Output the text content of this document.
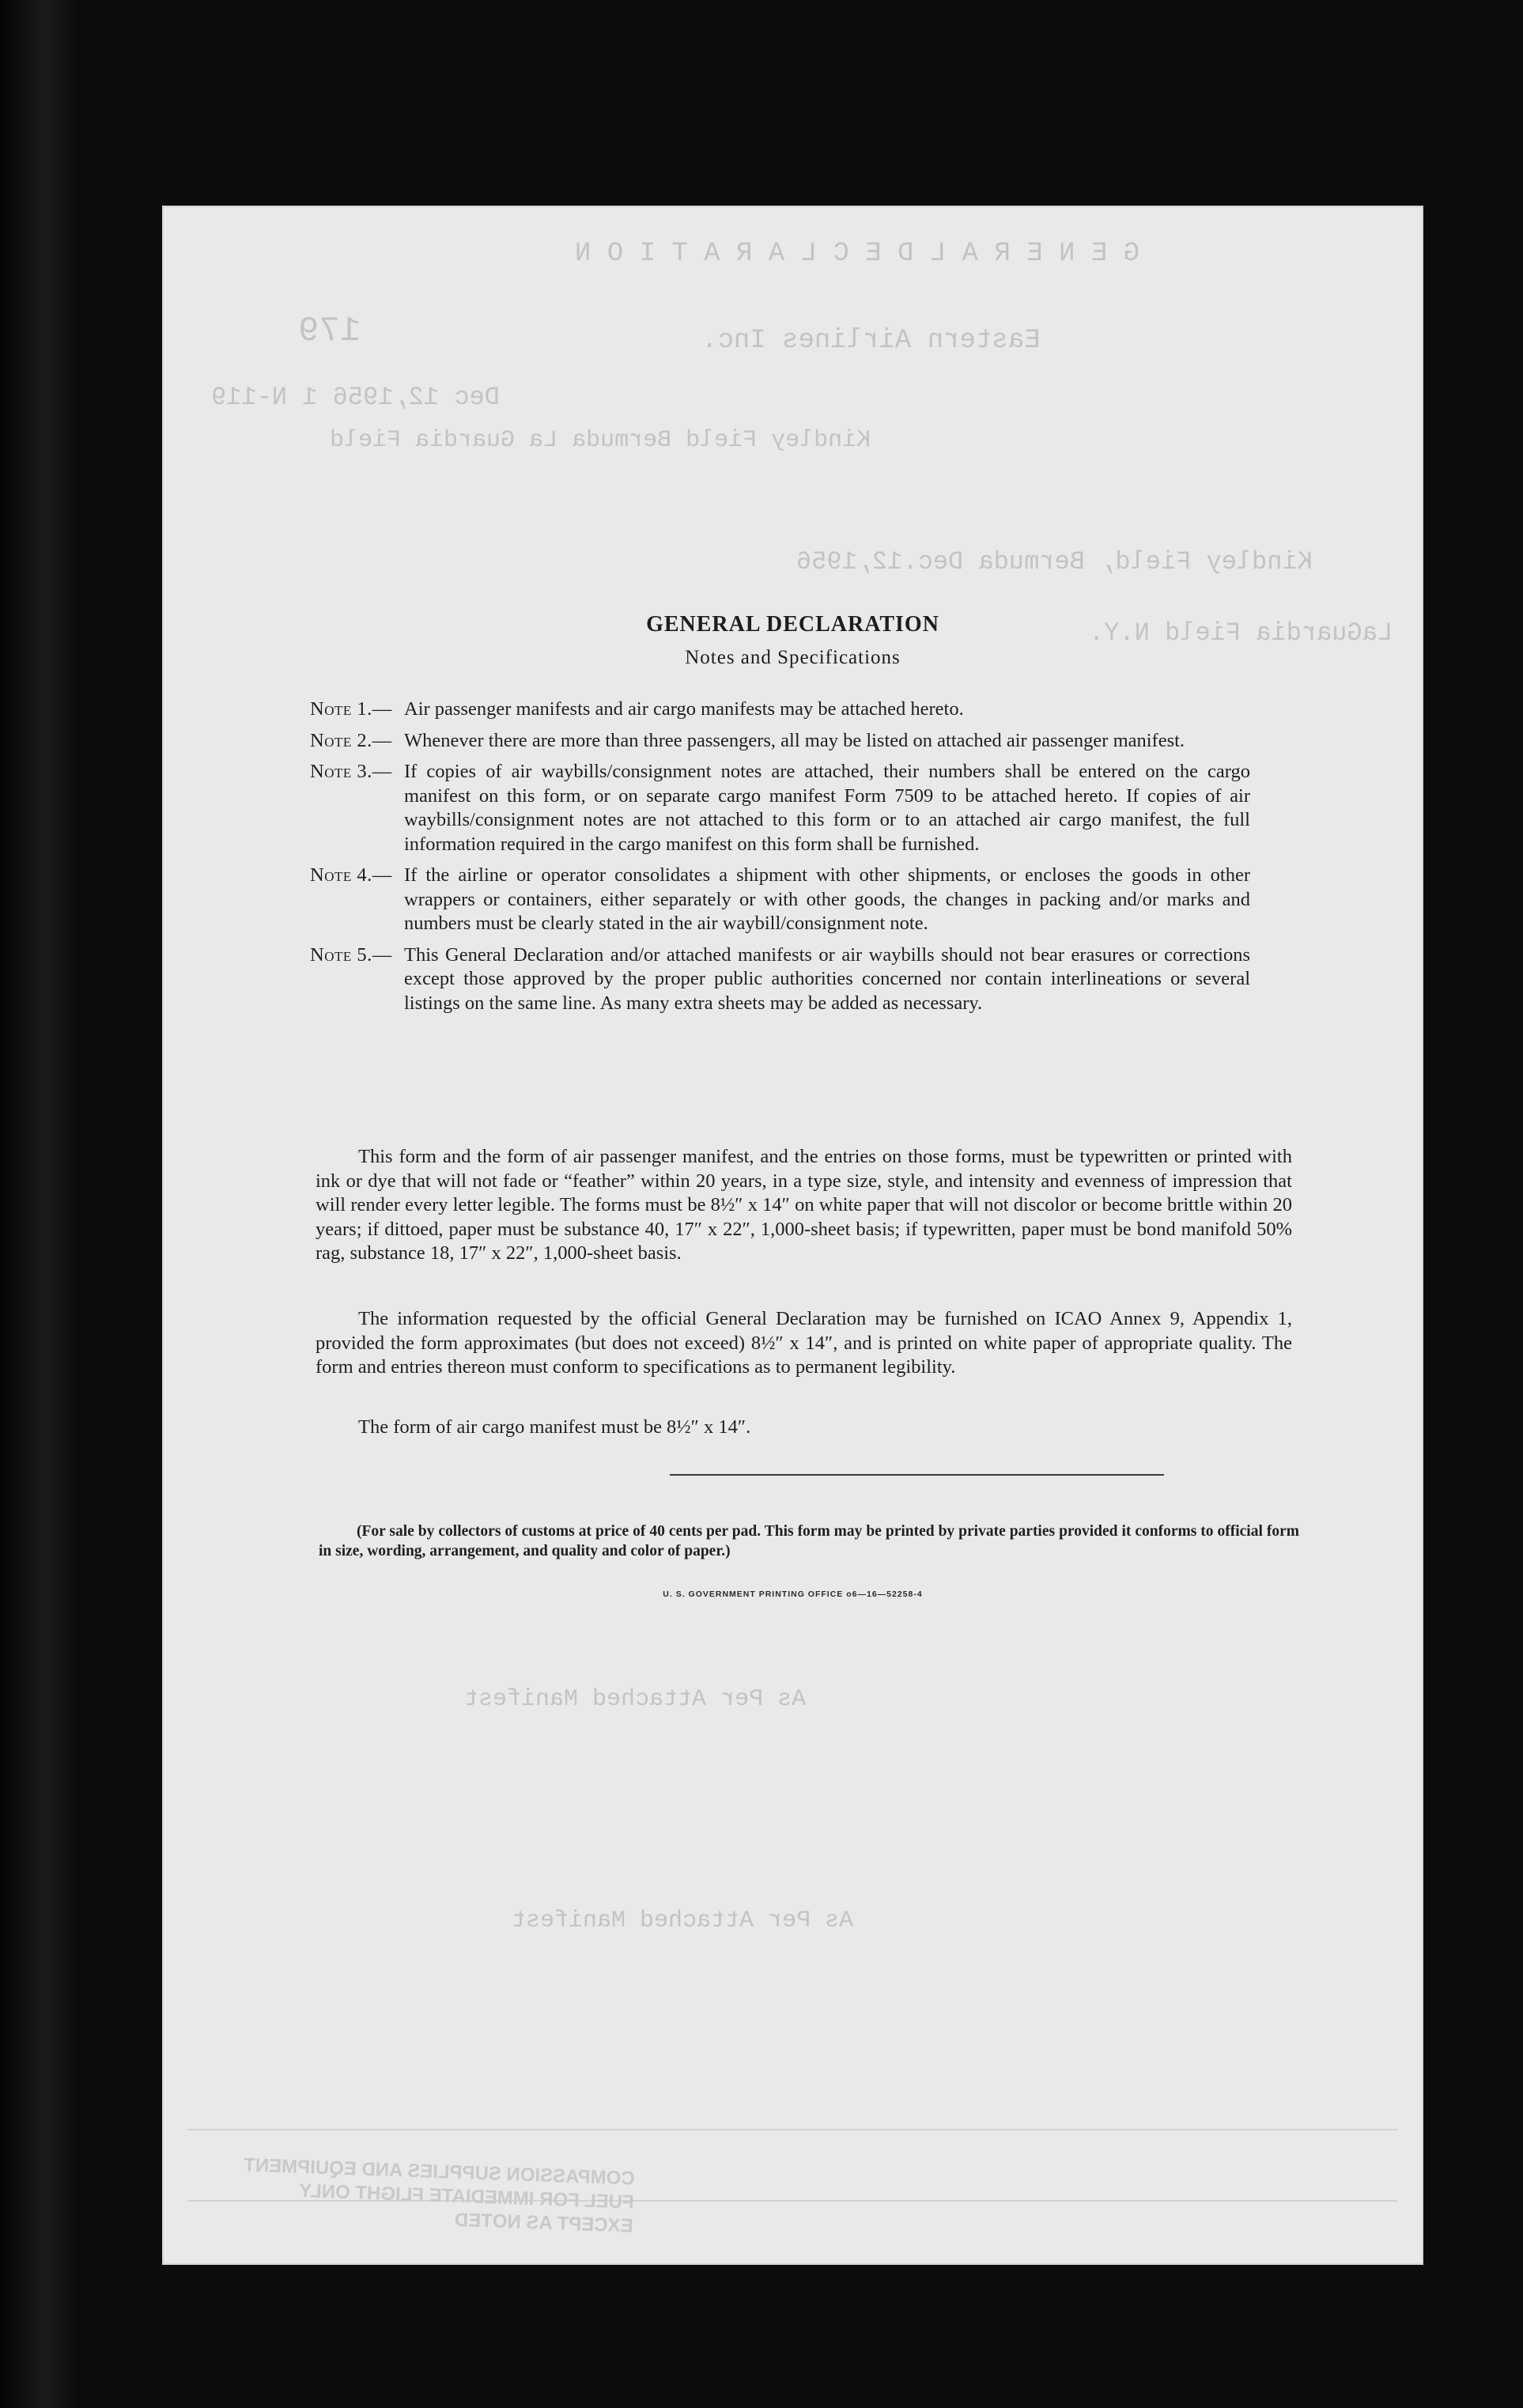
G E N E R A L D E C L A R A T I O N
179	Eastern Airlines Inc.
Dec 12,1956 1 N-119
Kindley Field Bermuda La Guardia Field
Kindley Field, Bermuda Dec.12,1956
LaGuardia Field N.Y.
As Per Attached Manifest
As Per Attached Manifest
COMPASSION SUPPLIES AND EQUIPMENT
FUEL FOR IMMEDIATE FLIGHT ONLY
EXCEPT AS NOTED
GENERAL DECLARATION
Notes and Specifications
Note 1.— Air passenger manifests and air cargo manifests may be attached hereto.
Note 2.— Whenever there are more than three passengers, all may be listed on attached air passenger manifest.
Note 3.— If copies of air waybills/consignment notes are attached, their numbers shall be entered on the cargo manifest on this form, or on separate cargo manifest Form 7509 to be attached hereto. If copies of air waybills/consignment notes are not attached to this form or to an attached air cargo manifest, the full information required in the cargo manifest on this form shall be furnished.
Note 4.— If the airline or operator consolidates a shipment with other shipments, or encloses the goods in other wrappers or containers, either separately or with other goods, the changes in packing and/or marks and numbers must be clearly stated in the air waybill/consignment note.
Note 5.— This General Declaration and/or attached manifests or air waybills should not bear erasures or corrections except those approved by the proper public authorities concerned nor contain interlineations or several listings on the same line. As many extra sheets may be added as necessary.
This form and the form of air passenger manifest, and the entries on those forms, must be typewritten or printed with ink or dye that will not fade or “feather” within 20 years, in a type size, style, and intensity and evenness of impression that will render every letter legible. The forms must be 8½″ x 14″ on white paper that will not discolor or become brittle within 20 years; if dittoed, paper must be substance 40, 17″ x 22″, 1,000-sheet basis; if typewritten, paper must be bond manifold 50% rag, substance 18, 17″ x 22″, 1,000-sheet basis.
The information requested by the official General Declaration may be furnished on ICAO Annex 9, Appendix 1, provided the form approximates (but does not exceed) 8½″ x 14″, and is printed on white paper of appropriate quality. The form and entries thereon must conform to specifications as to permanent legibility.
The form of air cargo manifest must be 8½″ x 14″.
(For sale by collectors of customs at price of 40 cents per pad. This form may be printed by private parties provided it conforms to official form in size, wording, arrangement, and quality and color of paper.)
U. S. GOVERNMENT PRINTING OFFICE o6—16—52258-4
